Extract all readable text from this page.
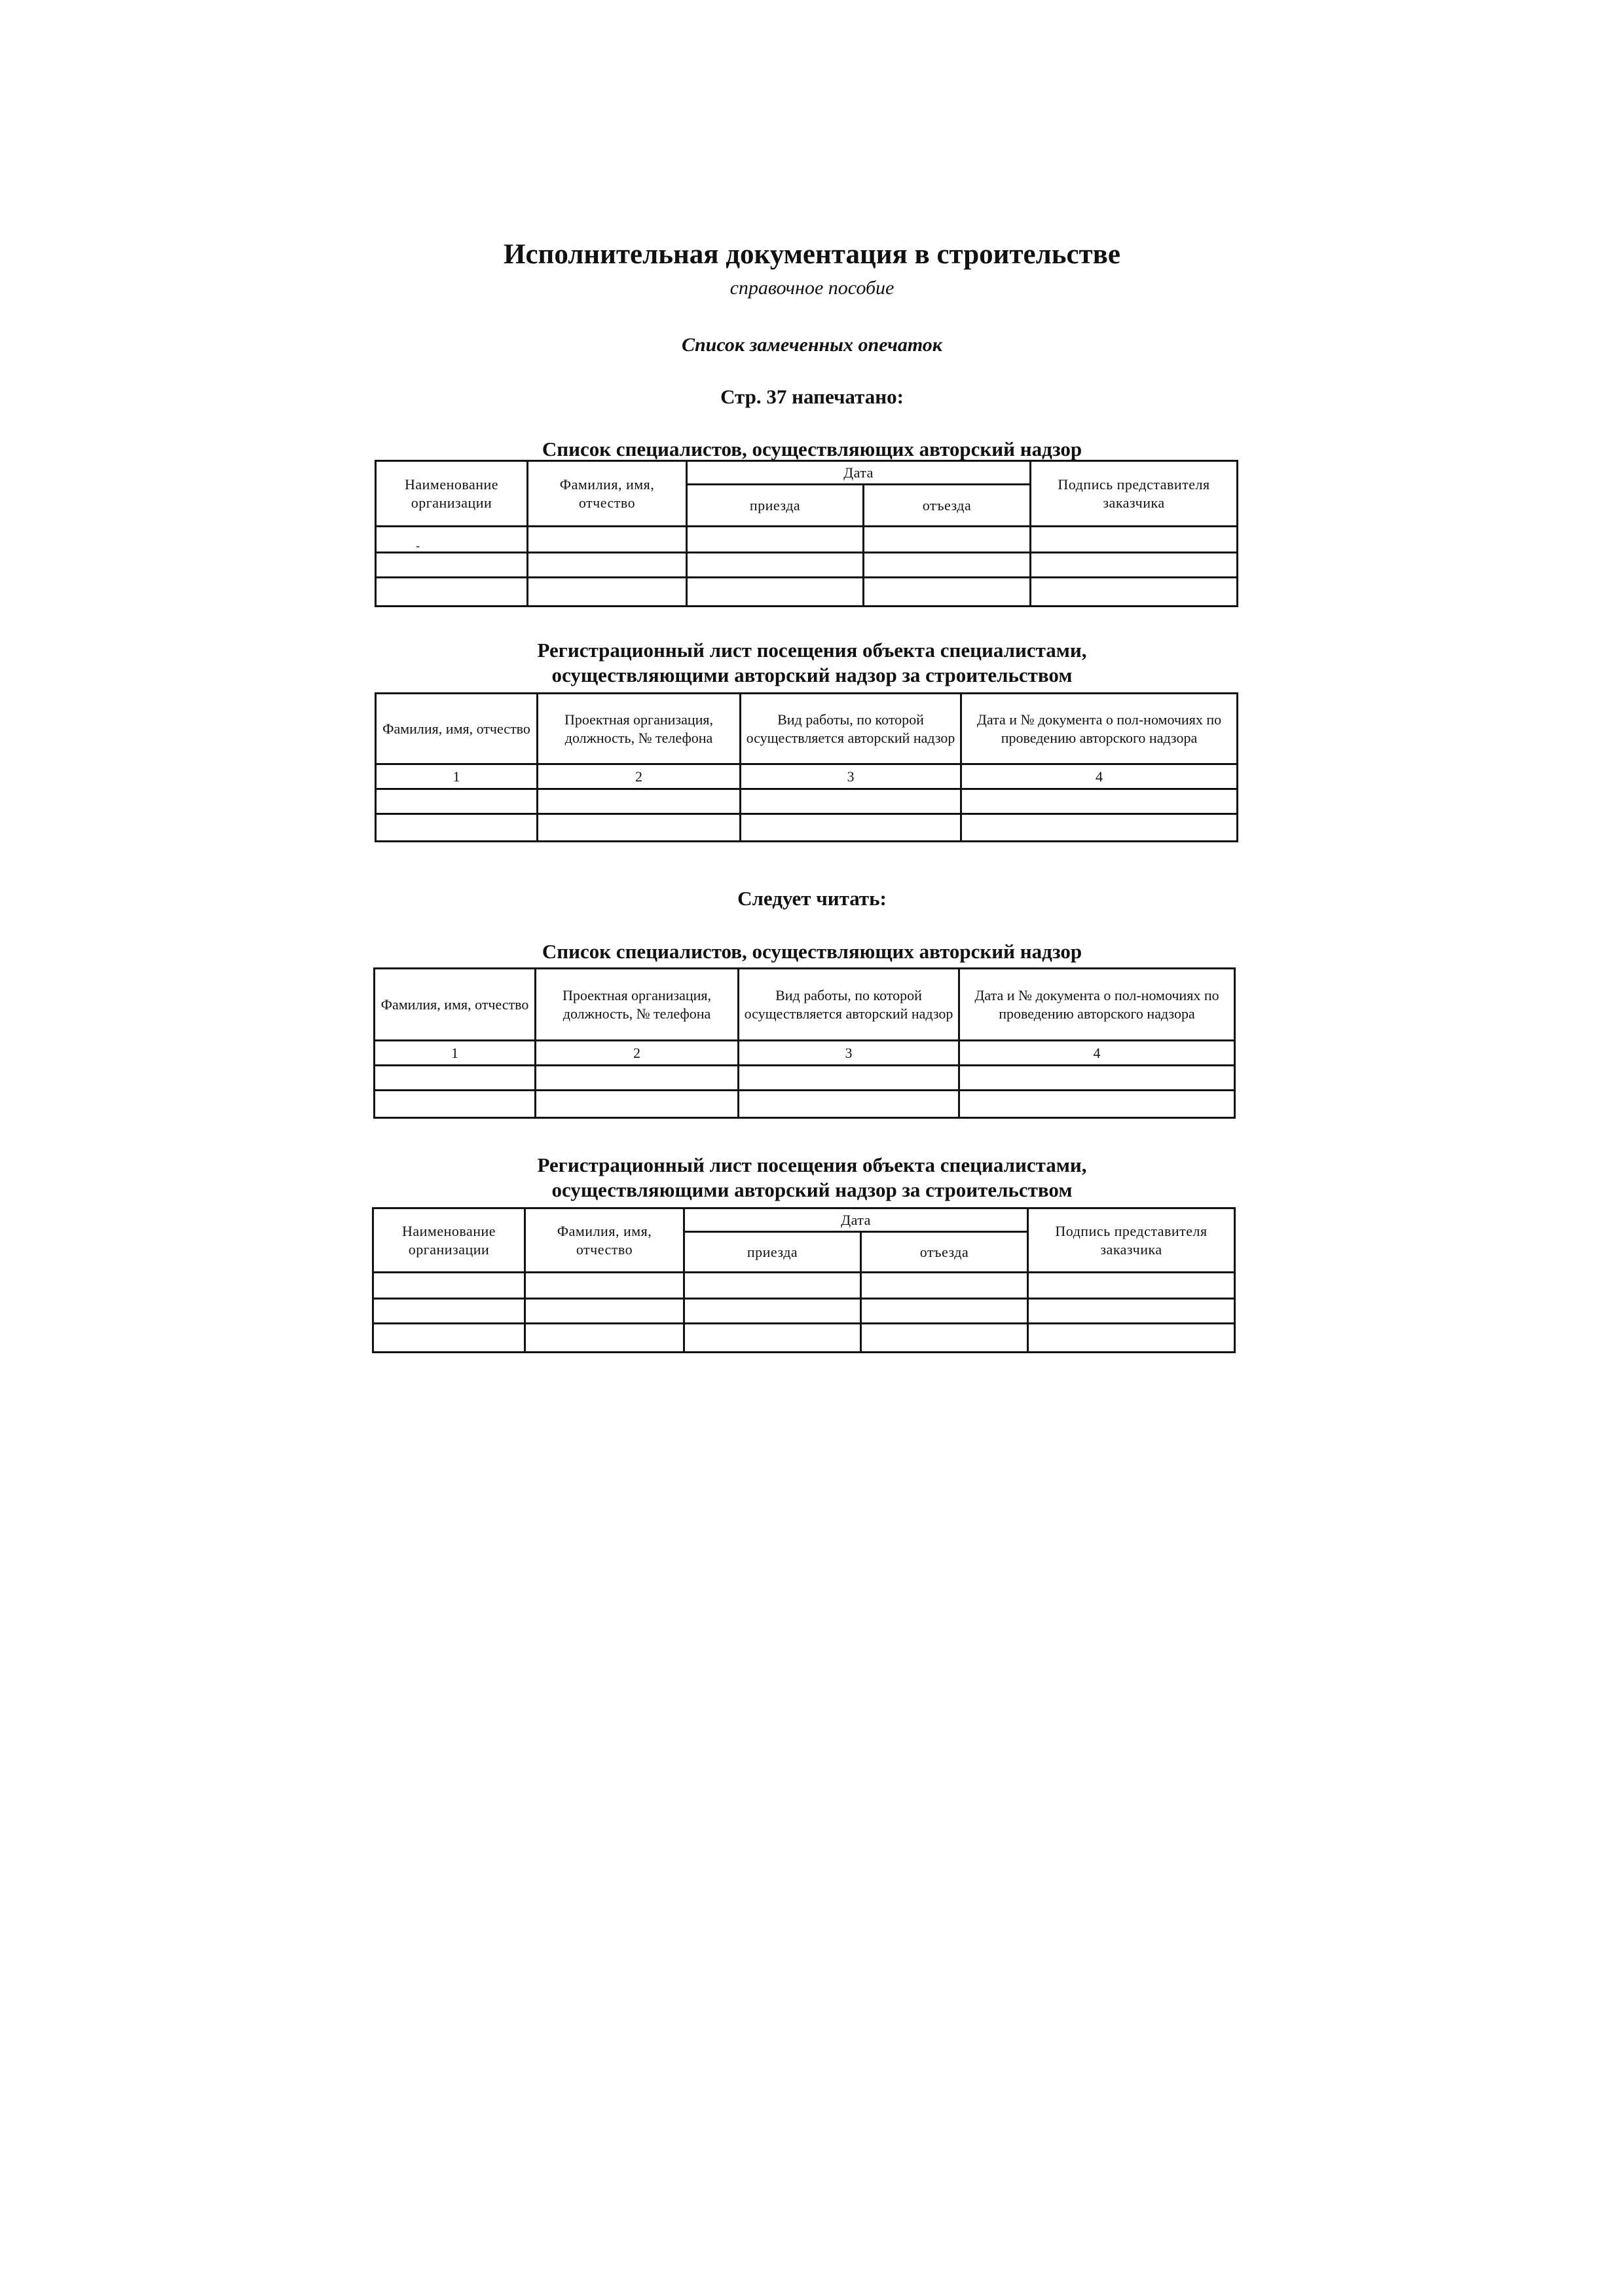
Исполнительная документация в строительстве
справочное пособие
Список замеченных опечаток
Стр. 37 напечатано:
Список специалистов, осуществляющих авторский надзор
Наименование организации	Фамилия, имя, отчество	Дата		Подпись представителя заказчика
		приезда	отъезда	
-				

Регистрационный лист посещения объекта специалистами,
осуществляющими авторский надзор за строительством
Фамилия, имя, отчество	Проектная организация, должность, № телефона	Вид работы, по которой осуществляется авторский надзор	Дата и № документа о пол-номочиях по проведению авторского надзора
1	2	3	4

Следует читать:
Список специалистов, осуществляющих авторский надзор
Фамилия, имя, отчество	Проектная организация, должность, № телефона	Вид работы, по которой осуществляется авторский надзор	Дата и № документа о пол-номочиях по проведению авторского надзора
1	2	3	4

Регистрационный лист посещения объекта специалистами,
осуществляющими авторский надзор за строительством
Наименование организации	Фамилия, имя, отчество	Дата		Подпись представителя заказчика
		приезда	отъезда	
